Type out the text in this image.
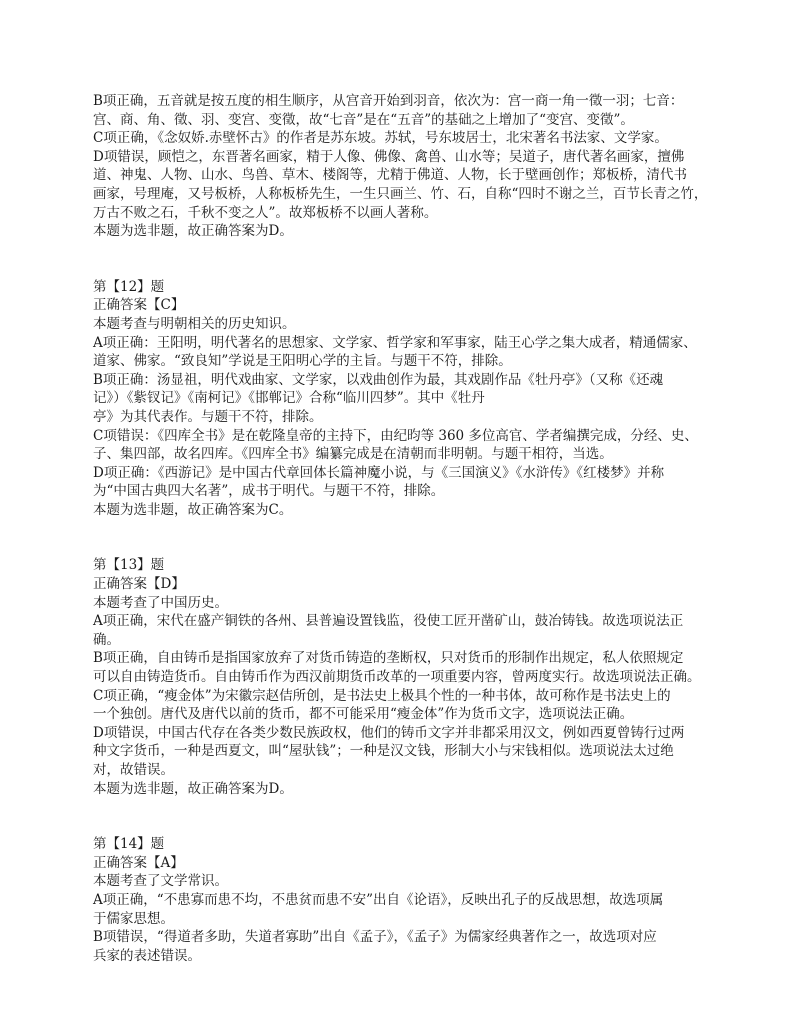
B项正确，五音就是按五度的相生顺序，从宫音开始到羽音，依次为：宫一商一角一徵一羽；七音：
宫、商、角、徵、羽、变宫、变徵，故“七音”是在“五音”的基础之上增加了“变宫、变徵”。
C项正确，《念奴娇.赤壁怀古》的作者是苏东坡。苏轼，号东坡居士，北宋著名书法家、文学家。
D项错误，顾恺之，东晋著名画家，精于人像、佛像、禽兽、山水等；吴道子，唐代著名画家，擅佛
道、神鬼、人物、山水、鸟兽、草木、楼阁等，尤精于佛道、人物，长于壁画创作；郑板桥，清代书
画家，号理庵，又号板桥，人称板桥先生，一生只画兰、竹、石，自称“四时不谢之兰，百节长青之竹，
万古不败之石，千秋不变之人”。故郑板桥不以画人著称。
本题为选非题，故正确答案为D。
第【12】题
正确答案【C】
本题考查与明朝相关的历史知识。
A项正确：王阳明，明代著名的思想家、文学家、哲学家和军事家，陆王心学之集大成者，精通儒家、
道家、佛家。“致良知”学说是王阳明心学的主旨。与题干不符，排除。
B项正确：汤显祖，明代戏曲家、文学家，以戏曲创作为最，其戏剧作品《牡丹亭》（又称《还魂
记》）《紫钗记》《南柯记》《邯郸记》合称“临川四梦”。其中《牡丹
亭》为其代表作。与题干不符，排除。
C项错误：《四库全书》是在乾隆皇帝的主持下，由纪昀等 360 多位高官、学者编撰完成，分经、史、
子、集四部，故名四库。《四库全书》编纂完成是在清朝而非明朝。与题干相符，当选。
D项正确：《西游记》是中国古代章回体长篇神魔小说，与《三国演义》《水浒传》《红楼梦》并称
为“中国古典四大名著”，成书于明代。与题干不符，排除。
本题为选非题，故正确答案为C。
第【13】题
正确答案【D】
本题考查了中国历史。
A项正确，宋代在盛产铜铁的各州、县普遍设置钱监，役使工匠开凿矿山，鼓冶铸钱。故选项说法正
确。
B项正确，自由铸币是指国家放弃了对货币铸造的垄断权，只对货币的形制作出规定，私人依照规定
可以自由铸造货币。自由铸币作为西汉前期货币改革的一项重要内容，曾两度实行。故选项说法正确。
C项正确，“瘦金体”为宋徽宗赵佶所创，是书法史上极具个性的一种书体，故可称作是书法史上的
一个独创。唐代及唐代以前的货币，都不可能采用“瘦金体”作为货币文字，选项说法正确。
D项错误，中国古代存在各类少数民族政权，他们的铸币文字并非都采用汉文，例如西夏曾铸行过两
种文字货币，一种是西夏文，叫“屋驮钱”；一种是汉文钱，形制大小与宋钱相似。选项说法太过绝
对，故错误。
本题为选非题，故正确答案为D。
第【14】题
正确答案【A】
本题考查了文学常识。
A项正确，“不患寡而患不均，不患贫而患不安”出自《论语》，反映出孔子的反战思想，故选项属
于儒家思想。
B项错误，“得道者多助，失道者寡助”出自《孟子》，《孟子》为儒家经典著作之一，故选项对应
兵家的表述错误。
